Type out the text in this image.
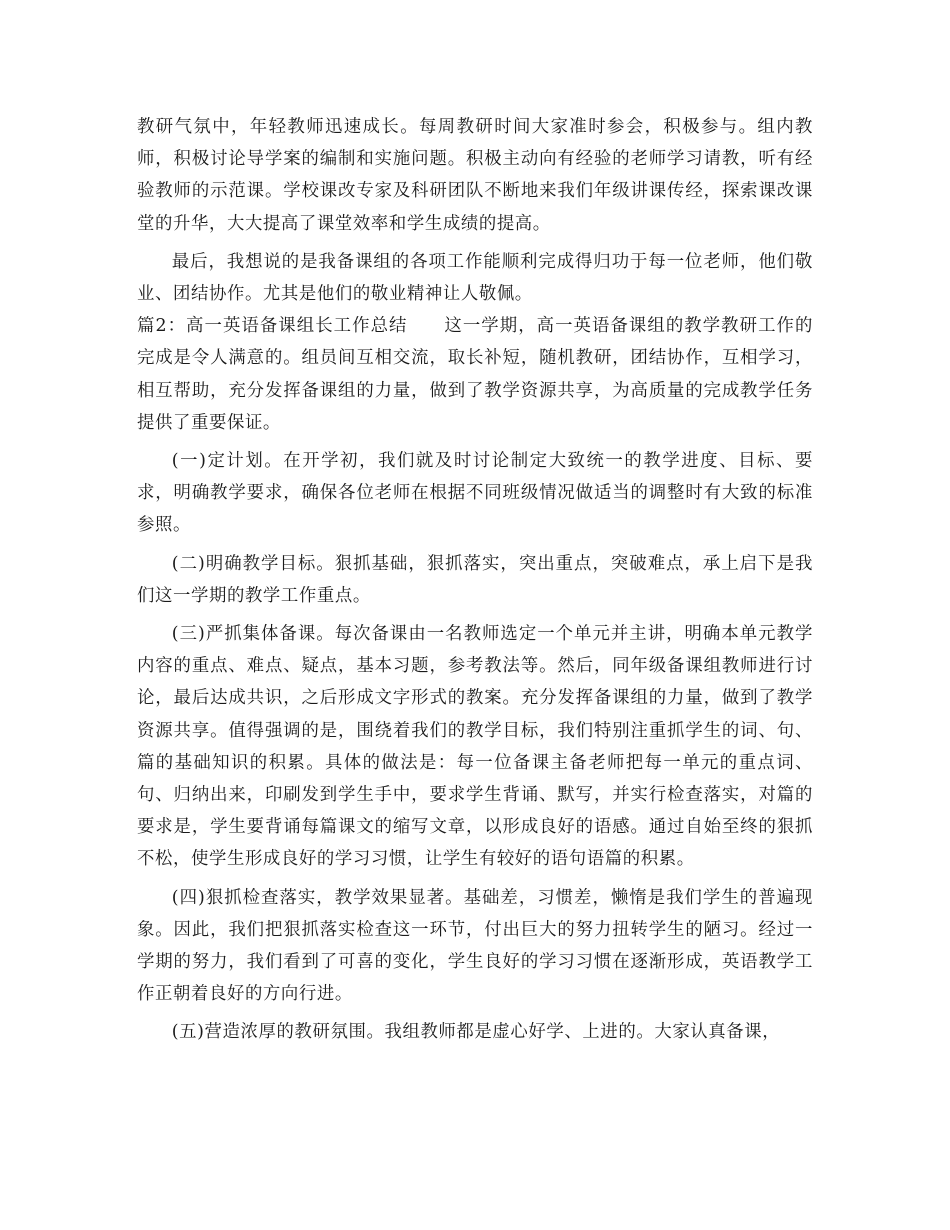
教研气氛中，年轻教师迅速成长。每周教研时间大家准时参会，积极参与。组内教师，积极讨论导学案的编制和实施问题。积极主动向有经验的老师学习请教，听有经验教师的示范课。学校课改专家及科研团队不断地来我们年级讲课传经，探索课改课堂的升华，大大提高了课堂效率和学生成绩的提高。

最后，我想说的是我备课组的各项工作能顺利完成得归功于每一位老师，他们敬业、团结协作。尤其是他们的敬业精神让人敬佩。

篇2：高一英语备课组长工作总结　　这一学期，高一英语备课组的教学教研工作的完成是令人满意的。组员间互相交流，取长补短，随机教研，团结协作，互相学习，相互帮助，充分发挥备课组的力量，做到了教学资源共享，为高质量的完成教学任务提供了重要保证。

(一)定计划。在开学初，我们就及时讨论制定大致统一的教学进度、目标、要求，明确教学要求，确保各位老师在根据不同班级情况做适当的调整时有大致的标准参照。

(二)明确教学目标。狠抓基础，狠抓落实，突出重点，突破难点，承上启下是我们这一学期的教学工作重点。

(三)严抓集体备课。每次备课由一名教师选定一个单元并主讲，明确本单元教学内容的重点、难点、疑点，基本习题，参考教法等。然后，同年级备课组教师进行讨论，最后达成共识，之后形成文字形式的教案。充分发挥备课组的力量，做到了教学资源共享。值得强调的是，围绕着我们的教学目标，我们特别注重抓学生的词、句、篇的基础知识的积累。具体的做法是：每一位备课主备老师把每一单元的重点词、句、归纳出来，印刷发到学生手中，要求学生背诵、默写，并实行检查落实，对篇的要求是，学生要背诵每篇课文的缩写文章，以形成良好的语感。通过自始至终的狠抓不松，使学生形成良好的学习习惯，让学生有较好的语句语篇的积累。

(四)狠抓检查落实，教学效果显著。基础差，习惯差，懒惰是我们学生的普遍现象。因此，我们把狠抓落实检查这一环节，付出巨大的努力扭转学生的陋习。经过一学期的努力，我们看到了可喜的变化，学生良好的学习习惯在逐渐形成，英语教学工作正朝着良好的方向行进。

(五)营造浓厚的教研氛围。我组教师都是虚心好学、上进的。大家认真备课，
